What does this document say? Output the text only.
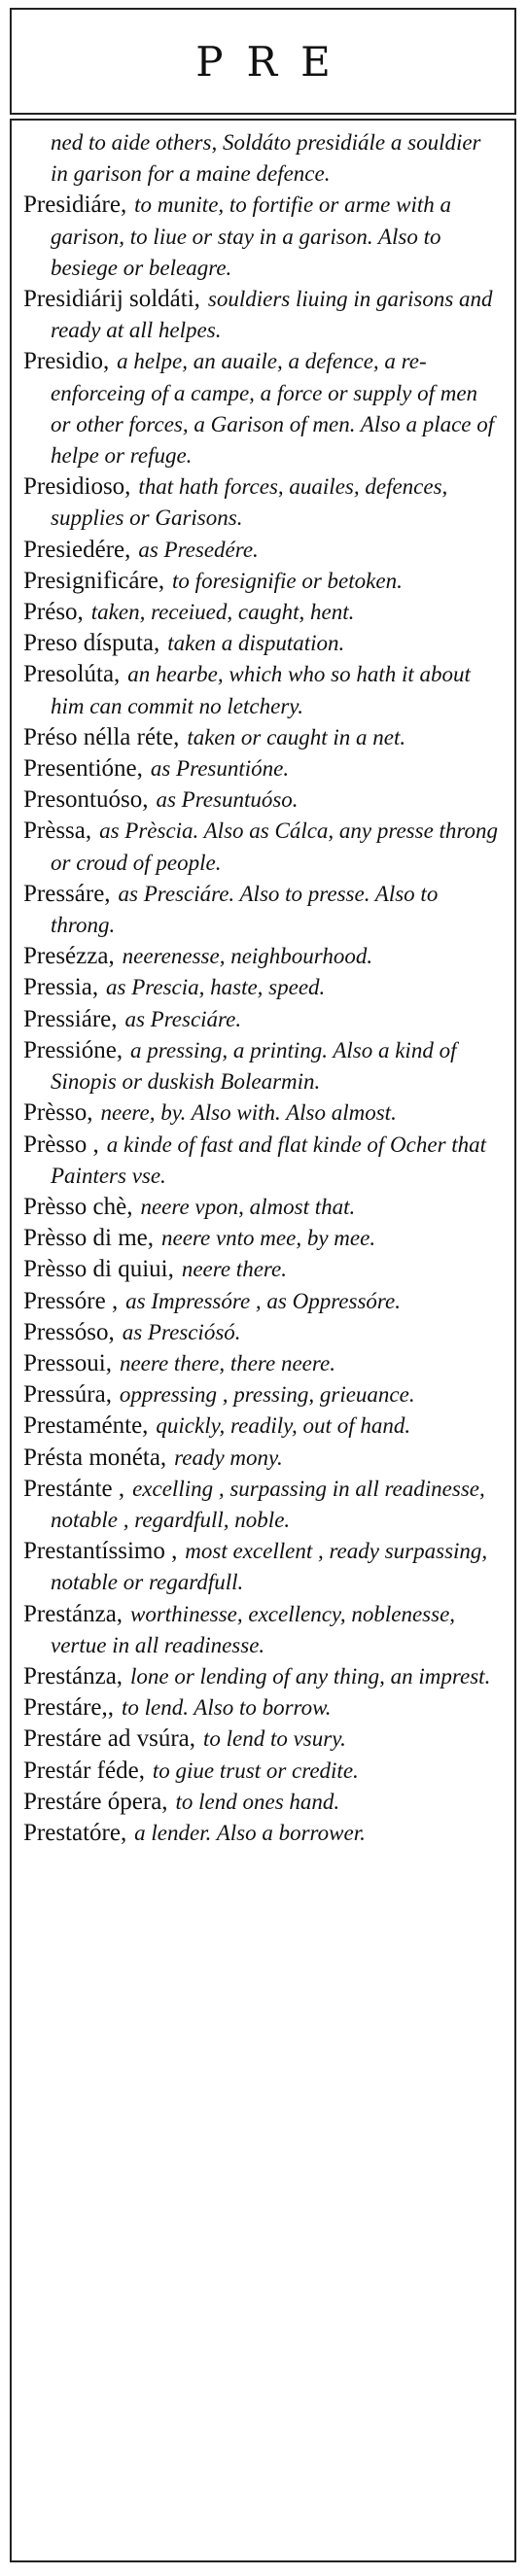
PRE

ned to aide others, Soldáto presidiále a souldier in garison for a maine defence.

Presidiáre, to munite, to fortifie or arme with a garison, to liue or stay in a garison. Also to besiege or beleagre.

Presidiárij soldáti, souldiers liuing in garisons and ready at all helpes.

Presidio, a helpe, an auaile, a defence, a re-enforceing of a campe, a force or supply of men or other forces, a Garison of men. Also a place of helpe or refuge.

Presidioso, that hath forces, auailes, defences, supplies or Garisons.

Presiedére, as Presedére.

Presignificáre, to foresignifie or betoken.

Préso, taken, receiued, caught, hent.

Preso dísputa, taken a disputation.

Presolúta, an hearbe, which who so hath it about him can commit no letchery.

Préso nélla réte, taken or caught in a net.

Presentióne, as Presuntióne.

Presontuóso, as Presuntuóso.

Prèssa, as Prèscia. Also as Cálca, any presse throng or croud of people.

Pressáre, as Presciáre. Also to presse. Also to throng.

Presézza, neerenesse, neighbourhood.

Pressia, as Prescia, haste, speed.

Pressiáre, as Presciáre.

Pressióne, a pressing, a printing. Also a kind of Sinopis or duskish Bolearmin.

Prèsso, neere, by. Also with. Also almost.

Prèsso , a kinde of fast and flat kinde of Ocher that Painters vse.

Prèsso chè, neere vpon, almost that.

Prèsso di me, neere vnto mee, by mee.

Prèsso di quiui, neere there.

Pressóre , as Impressóre , as Oppressóre.

Pressóso, as Presciósó.

Pressoui, neere there, there neere.

Pressúra, oppressing , pressing, grieuance.

Prestaménte, quickly, readily, out of hand.

Présta monéta, ready mony.

Prestánte , excelling , surpassing in all readinesse, notable , regardfull, noble.

Prestantíssimo , most excellent , ready surpassing, notable or regardfull.

Prestánza, worthinesse, excellency, noblenesse, vertue in all readinesse.

Prestánza, lone or lending of any thing, an imprest.

Prestáre,, to lend. Also to borrow.

Prestáre ad vsúra, to lend to vsury.

Prestár féde, to giue trust or credite.

Prestáre ópera, to lend ones hand.

Prestatóre, a lender. Also a borrower.
